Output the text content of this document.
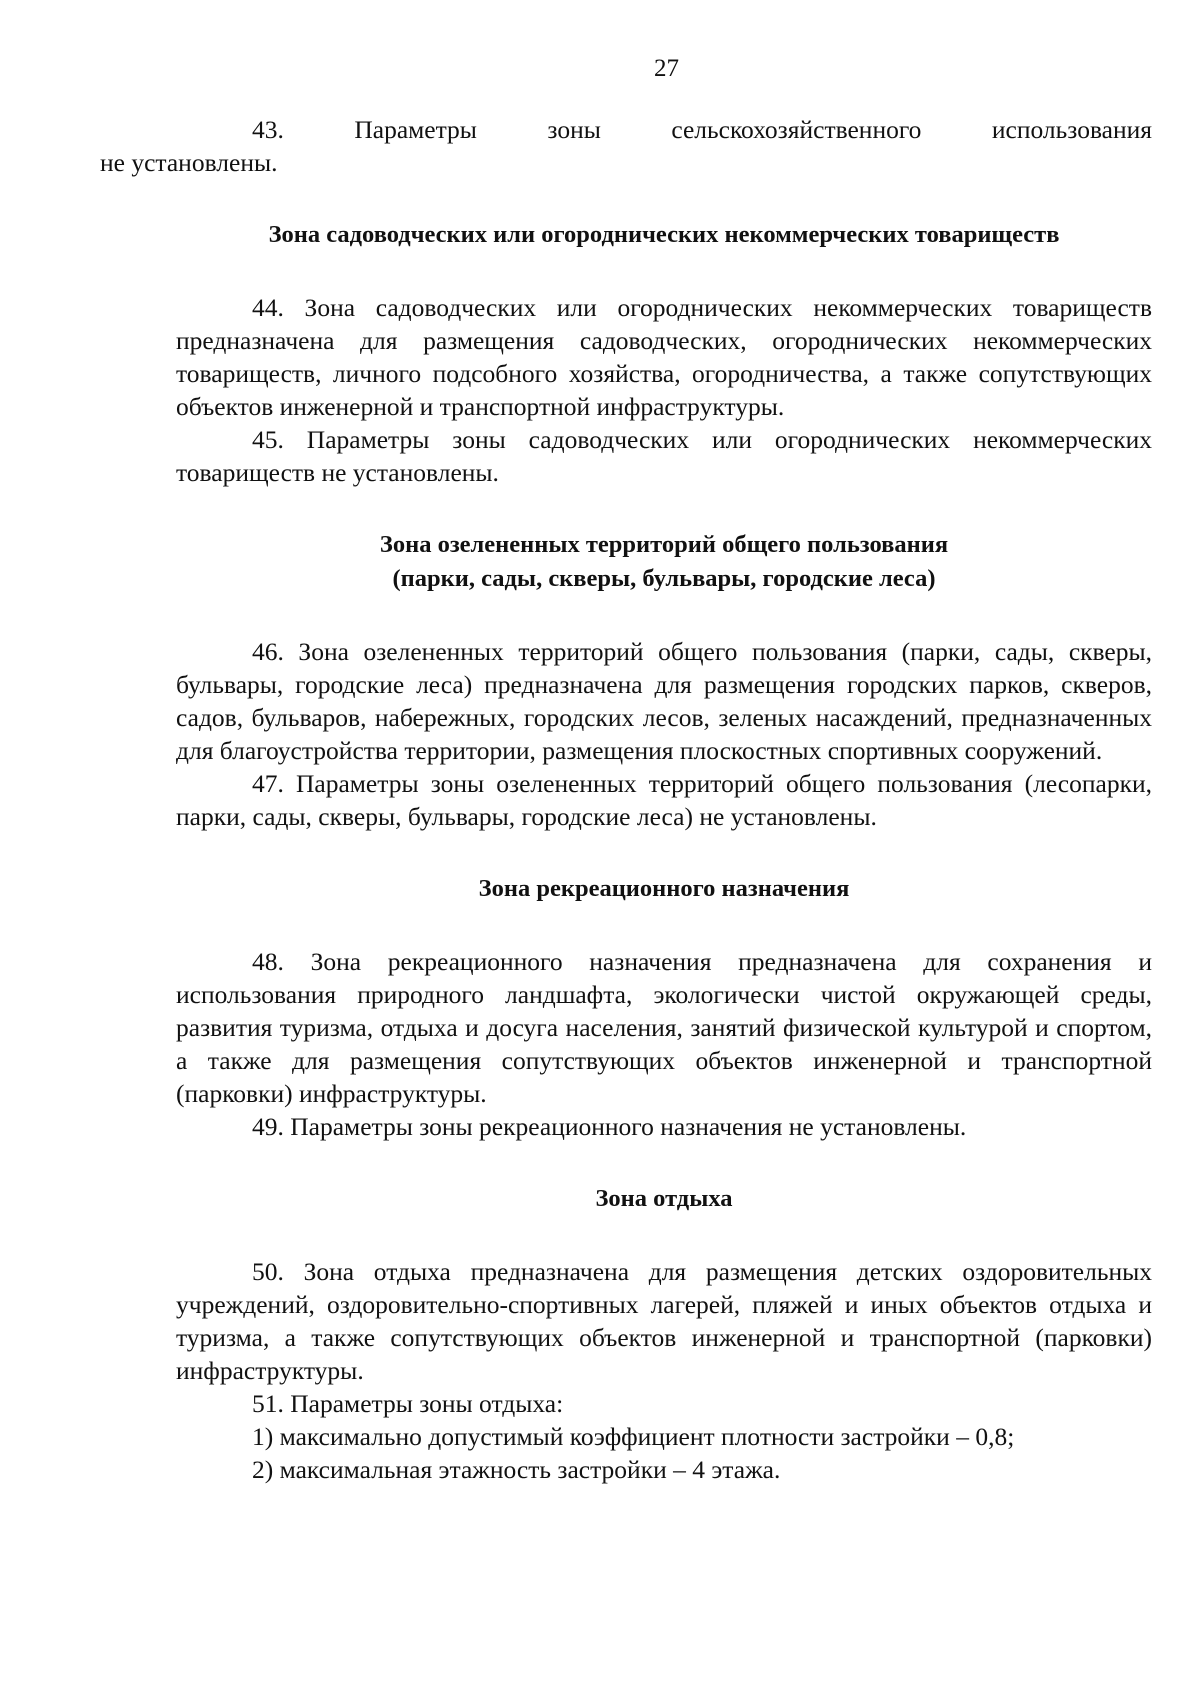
27

43. Параметры зоны сельскохозяйственного использования
не установлены.

Зона садоводческих или огороднических некоммерческих товариществ

44. Зона садоводческих или огороднических некоммерческих товариществ предназначена для размещения садоводческих, огороднических некоммерческих товариществ, личного подсобного хозяйства, огородничества, а также сопутствующих объектов инженерной и транспортной инфраструктуры.

45. Параметры зоны садоводческих или огороднических некоммерческих товариществ не установлены.

Зона озелененных территорий общего пользования
(парки, сады, скверы, бульвары, городские леса)

46. Зона озелененных территорий общего пользования (парки, сады, скверы, бульвары, городские леса) предназначена для размещения городских парков, скверов, садов, бульваров, набережных, городских лесов, зеленых насаждений, предназначенных для благоустройства территории, размещения плоскостных спортивных сооружений.

47. Параметры зоны озелененных территорий общего пользования (лесопарки, парки, сады, скверы, бульвары, городские леса) не установлены.

Зона рекреационного назначения

48. Зона рекреационного назначения предназначена для сохранения и использования природного ландшафта, экологически чистой окружающей среды, развития туризма, отдыха и досуга населения, занятий физической культурой и спортом, а также для размещения сопутствующих объектов инженерной и транспортной (парковки) инфраструктуры.

49. Параметры зоны рекреационного назначения не установлены.

Зона отдыха

50. Зона отдыха предназначена для размещения детских оздоровительных учреждений, оздоровительно-спортивных лагерей, пляжей и иных объектов отдыха и туризма, а также сопутствующих объектов инженерной и транспортной (парковки) инфраструктуры.

51. Параметры зоны отдыха:

1) максимально допустимый коэффициент плотности застройки – 0,8;

2) максимальная этажность застройки – 4 этажа.
